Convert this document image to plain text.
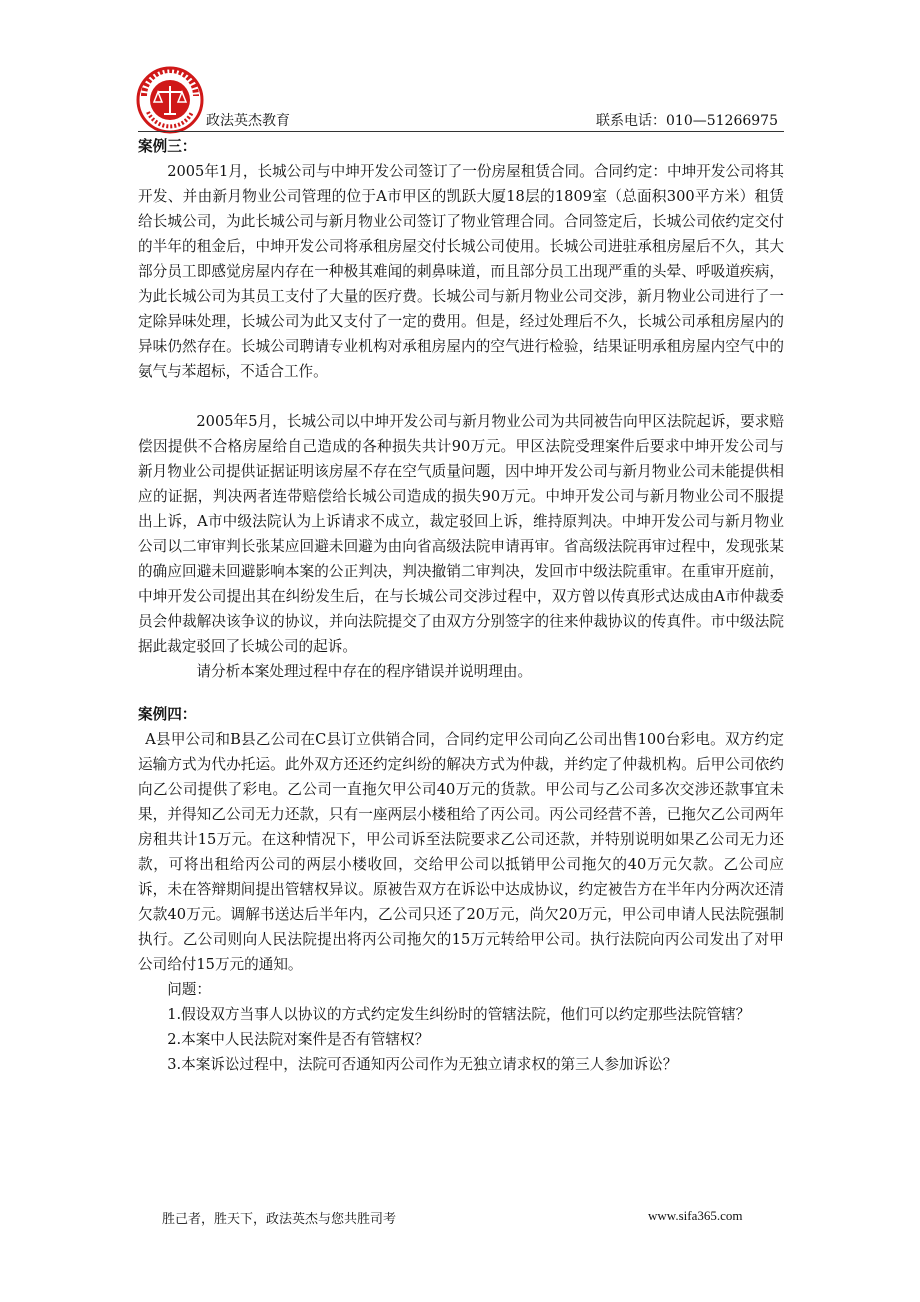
政法英杰教育	联系电话：010—51266975

案例三：

2005年1月，长城公司与中坤开发公司签订了一份房屋租赁合同。合同约定：中坤开发公司将其开发、并由新月物业公司管理的位于A市甲区的凯跃大厦18层的1809室（总面积300平方米）租赁给长城公司，为此长城公司与新月物业公司签订了物业管理合同。合同签定后，长城公司依约定交付的半年的租金后，中坤开发公司将承租房屋交付长城公司使用。长城公司进驻承租房屋后不久，其大部分员工即感觉房屋内存在一种极其难闻的刺鼻味道，而且部分员工出现严重的头晕、呼吸道疾病，为此长城公司为其员工支付了大量的医疗费。长城公司与新月物业公司交涉，新月物业公司进行了一定除异味处理，长城公司为此又支付了一定的费用。但是，经过处理后不久，长城公司承租房屋内的异味仍然存在。长城公司聘请专业机构对承租房屋内的空气进行检验，结果证明承租房屋内空气中的氨气与苯超标，不适合工作。

2005年5月，长城公司以中坤开发公司与新月物业公司为共同被告向甲区法院起诉，要求赔偿因提供不合格房屋给自己造成的各种损失共计90万元。甲区法院受理案件后要求中坤开发公司与新月物业公司提供证据证明该房屋不存在空气质量问题，因中坤开发公司与新月物业公司未能提供相应的证据，判决两者连带赔偿给长城公司造成的损失90万元。中坤开发公司与新月物业公司不服提出上诉，A市中级法院认为上诉请求不成立，裁定驳回上诉，维持原判决。中坤开发公司与新月物业公司以二审审判长张某应回避未回避为由向省高级法院申请再审。省高级法院再审过程中，发现张某的确应回避未回避影响本案的公正判决，判决撤销二审判决，发回市中级法院重审。在重审开庭前，中坤开发公司提出其在纠纷发生后，在与长城公司交涉过程中，双方曾以传真形式达成由A市仲裁委员会仲裁解决该争议的协议，并向法院提交了由双方分别签字的往来仲裁协议的传真件。市中级法院据此裁定驳回了长城公司的起诉。

请分析本案处理过程中存在的程序错误并说明理由。

案例四：

A县甲公司和B县乙公司在C县订立供销合同，合同约定甲公司向乙公司出售100台彩电。双方约定运输方式为代办托运。此外双方还还约定纠纷的解决方式为仲裁，并约定了仲裁机构。后甲公司依约向乙公司提供了彩电。乙公司一直拖欠甲公司40万元的货款。甲公司与乙公司多次交涉还款事宜未果，并得知乙公司无力还款，只有一座两层小楼租给了丙公司。丙公司经营不善，已拖欠乙公司两年房租共计15万元。在这种情况下，甲公司诉至法院要求乙公司还款，并特别说明如果乙公司无力还款，可将出租给丙公司的两层小楼收回，交给甲公司以抵销甲公司拖欠的40万元欠款。乙公司应诉，未在答辩期间提出管辖权异议。原被告双方在诉讼中达成协议，约定被告方在半年内分两次还清欠款40万元。调解书送达后半年内，乙公司只还了20万元，尚欠20万元，甲公司申请人民法院强制执行。乙公司则向人民法院提出将丙公司拖欠的15万元转给甲公司。执行法院向丙公司发出了对甲公司给付15万元的通知。

问题：

1.假设双方当事人以协议的方式约定发生纠纷时的管辖法院，他们可以约定那些法院管辖？

2.本案中人民法院对案件是否有管辖权？

3.本案诉讼过程中，法院可否通知丙公司作为无独立请求权的第三人参加诉讼？

胜己者，胜天下，政法英杰与您共胜司考	www.sifa365.com
